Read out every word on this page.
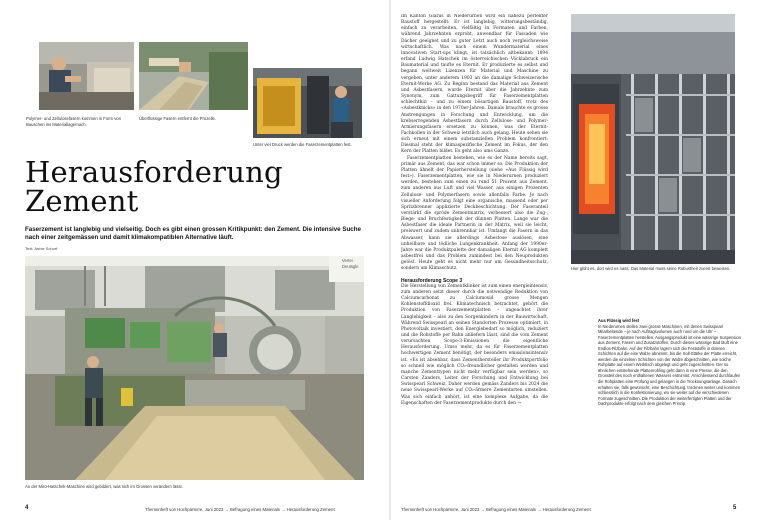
Polymer- und Zellulosefasern kommen in Form von Bauschen ins Materiallagernach.
Überflüssige Fasern entfernt die Prozelle.
Unter viel Druck werden die Faserzementplatten fest.
Herausforderung
Zement
Faserzement ist langlebig und vielseitig. Doch es gibt einen grossen Kritikpunkt: den Zement. Die intensive Suche nach einer zeitgemässen und damit klimakompatiblen Alternative läuft.
Text: Annie Schorf
Vertei Deutsgle
An der Miro-Hatschek-Maschine wird gebildert, was sich im Grossen verändern lässt.
4	Themenheft von Hochparterre, Juni 2023 → Befragung eines Materials → Herausforderung Zement

Im Kanton Glarus in Niederurnen wird ein nahezu perfekter Baustoff hergestellt: Er ist langlebig, witterungsbeständig, einfach zu verarbeiten, vielfältig in Formaten und Farben, während Jahrzehnten erprobt, anwendbar für Fassaden wie Dächer geeignet und zu guter Letzt auch noch vergleichsweise wirtschaftlich. Was nach einem Wundermaterial eines innovativen Start-ups klingt, ist tatsächlich altbekannt: 1894 erfand Ludwig Hatschek im österreichischen Vöcklabruck ein Baumaterial und taufte es Eternit. Er produzierte es selbst und begann weltweit Lizenzen für Material und Maschine zu vergeben, unter anderem 1903 an die damalige Schweizerische Eternit-Werke AG. Zu Beginn bestand das Material aus Zement und Asbestfasern, wurde Eternit über die Jahrzehnte zum Synonym, zum Gattungsbegriff für Faserzementplatten schlechthin – und zu einem bösartigen Baustoff, trotz des «Asbestknicks» in den 1970er-Jahren. Damals brauchte es grosse Anstrengungen in Forschung und Entwicklung, um die krebserregenden Asbestfasern durch Zellulose- und Polymer-Armierungsfasern ersetzen zu können, was der Eternit-Fachkollen in der Schweiz letztlich auch gelang. Heute sehen sie sich erneut mit einem substanziellen Problem konfrontiert: Diesmal steht der klimaspezifische Zement im Fokus, der den Kern der Platten bildet. Es geht also ums Ganze.

Faserzementplatten bestehen, wie es der Name bereits sagt, primär aus Zement, das war schon immer so. Die Produktion der Platten ähnelt der Papierherstellung (siehe «Aus Flüssig wird fest»). Faserzementplatten, wie sie in Niederurnen produziert werden, bestehen zum einen zu rund 51 Prozent aus Zement, zum anderen aus Luft und viel Wasser, aus einigen Prozenten Zellulose- und Polymerfasern sowie allenfalls Farbe. Je nach visueller Anforderung folgt eine organische, massend oder per Spritzbrenner applizierte Deckbeschichtung. Der Faseranteil verstärkt die spröde Zementmatrix, verbessert also die Zug-, Biege- und Bruchfestigkeit der dünnen Platten. Lange war die Asbestfaser die ideale Partnerin in der Matrix, weil sie leicht, preiswert und zudem unbrennbar ist. Umfangt die Fasern in das Abwasser, kann sie allerdings Asbestose auslösen, eine unheilbare und tödliche Lungenkrankheit. Anfang der 1990er-Jahre war die Produktpalette der damaligen Eternit AG komplett asbestfrei und das Problem zumindest bei den Neuprodukten gelöst. Heute geht es nicht mehr nur um Gesundheitsschutz, sondern um Klimaschutz.

Herausforderung Scope 3

Die Herstellung von Zementklinker ist zum einen energieintensiv, zum anderen setzt dieser durch die notwendige Reduktion von Calciumcarbonat zu Calciumoxid grosse Mengen Kohlenstoffdioxid frei. Klimatechnisch betrachtet, gehört die Produktion von Faserzementplatten – ungeachtet ihrer Langlebigkeit – also zu den Sorgenkindern in der Bauwirtschaft. Während Swisspearl an seinen Standorten Prozesse optimiert, in Photovoltaik investiert, den Energiebedarf so möglich, reduziert und die Rohstoffe per Bahn anliefern lässt, sind die vom Zement verursachten Scope-3-Emissionen die eigentliche Herausforderung. Umso mehr, da es für Faserzementplatten hochwertigen Zement benötigt, der besonders emissionsintensiv ist. «Es ist absehbar, dass Zementhersteller ihr Produktportfolio so schnell wie möglich CO₂-freundlicher gestalten werden und manche Zementtypen nicht mehr verfügbar sein werden», so Carsten Zanders, Leiter der Forschung und Entwicklung bei Swisspearl Schweiz. Daher werden gemäss Zanders bis 2024 die neue Swisspearl-Werke auf CO₂-ärmere Zementarten umstellen. Was sich einfach anhört, ist eine komplexe Aufgabe, da die Eigenschaften der Faserzementprodukte durch den →

Hier glüht es, dort wird es nass: Das Material muss seine Robustheit zuerst beweisen.

Aus Flüssig wird fest

In Niederurnen stellen zwei grosse Maschinen, mit denen Swisspearl Mitarbeitende – je nach Auftragsvolumen auch rund um die Uhr – Faserzementplatten herstellen. Ausgangsprodukt ist eine wässrige Suspension aus Zement, Fasern und Zusatzstoffen. Durch dieses wässrige Bad läuft eine Endlos-Filzbahn. Auf der Filzbahn lagern sich die Feststoffe in dünnen Schichten auf die eine Walze abnimmt, bis die Soll-Stärke der Platte erreicht, werden die einzelnen Schichten von der Walze abgeschnitten, wie solche Rohplatte auf einem Werktisch abgelegt und geht zugeschnitten. Der so ähnlichen entstehende Plattenrohling geht dann in eine Presse, die den Grossteil des noch enthaltenen Wassers entnimmt. Anschliessend durchlaufen die Rohplatten eine Prüfung und gelangen in die Trocknungsanlage. Danach erhalten sie, falls gewünscht, eine Beschichtung, trocknen weiter und kommen schliesslich in die Konfektionierung, wo sie weiter auf die verschiedenen Formate zugeschnitten. Die Produktion der weiterfertigten Platten und der Dachprodukte erfolgt nach dem gleichen Prinzip.

Themenheft von Hochparterre, Juni 2023 → Befragung eines Materials → Herausforderung Zement	5
